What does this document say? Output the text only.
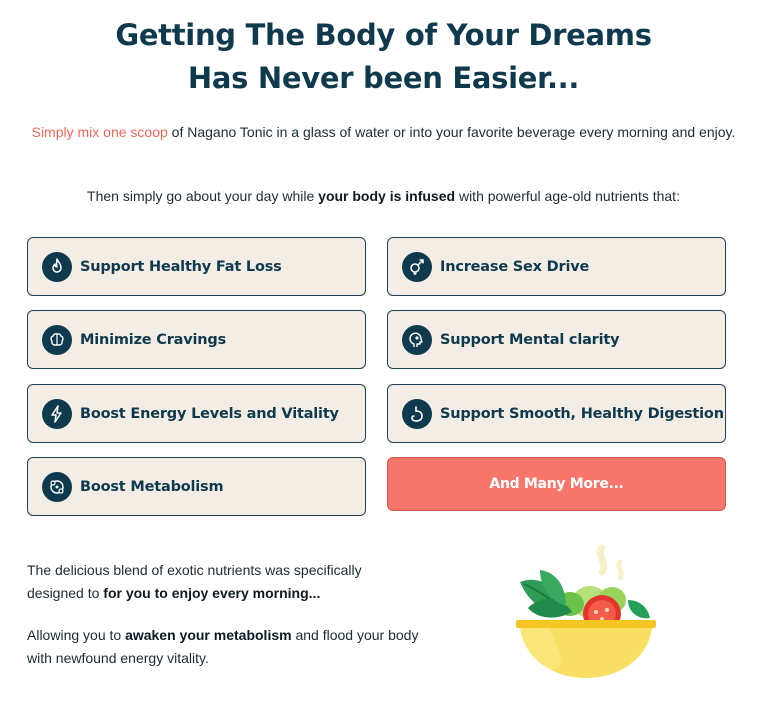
Getting The Body of Your Dreams
Has Never been Easier...

Simply mix one scoop of Nagano Tonic in a glass of water or into your favorite beverage every morning and enjoy.

Then simply go about your day while your body is infused with powerful age-old nutrients that:

Support Healthy Fat Loss	Increase Sex Drive
Minimize Cravings	Support Mental clarity
Boost Energy Levels and Vitality	Support Smooth, Healthy Digestion
Boost Metabolism	And Many More...

The delicious blend of exotic nutrients was specifically designed to for you to enjoy every morning...

Allowing you to awaken your metabolism and flood your body with newfound energy vitality.
